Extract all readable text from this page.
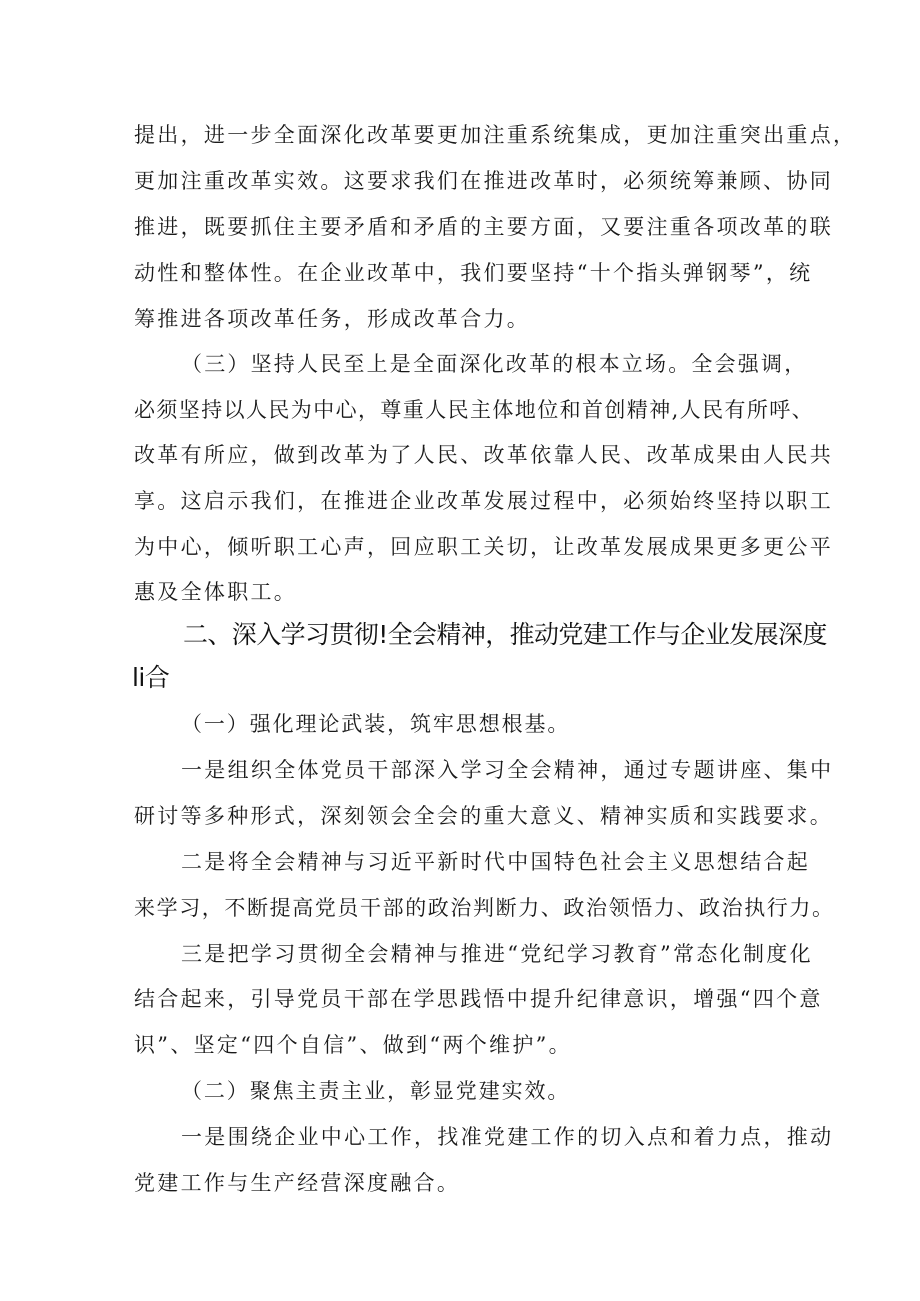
提出，进一步全面深化改革要更加注重系统集成，更加注重突出重点，

更加注重改革实效。这要求我们在推进改革时，必须统筹兼顾、协同

推进，既要抓住主要矛盾和矛盾的主要方面，又要注重各项改革的联

动性和整体性。在企业改革中，我们要坚持“十个指头弹钢琴”，统

筹推进各项改革任务，形成改革合力。

（三）坚持人民至上是全面深化改革的根本立场。全会强调，

必须坚持以人民为中心，尊重人民主体地位和首创精神,人民有所呼、

改革有所应，做到改革为了人民、改革依靠人民、改革成果由人民共

享。这启示我们，在推进企业改革发展过程中，必须始终坚持以职工

为中心，倾听职工心声，回应职工关切，让改革发展成果更多更公平

惠及全体职工。

二、深入学习贯彻!全会精神，推动党建工作与企业发展深度

li合

（一）强化理论武装，筑牢思想根基。

一是组织全体党员干部深入学习全会精神，通过专题讲座、集中

研讨等多种形式，深刻领会全会的重大意义、精神实质和实践要求。

二是将全会精神与习近平新时代中国特色社会主义思想结合起

来学习，不断提高党员干部的政治判断力、政治领悟力、政治执行力。

三是把学习贯彻全会精神与推进“党纪学习教育”常态化制度化

结合起来，引导党员干部在学思践悟中提升纪律意识，增强“四个意

识”、坚定“四个自信”、做到“两个维护”。

（二）聚焦主责主业，彰显党建实效。

一是围绕企业中心工作，找准党建工作的切入点和着力点，推动

党建工作与生产经营深度融合。
